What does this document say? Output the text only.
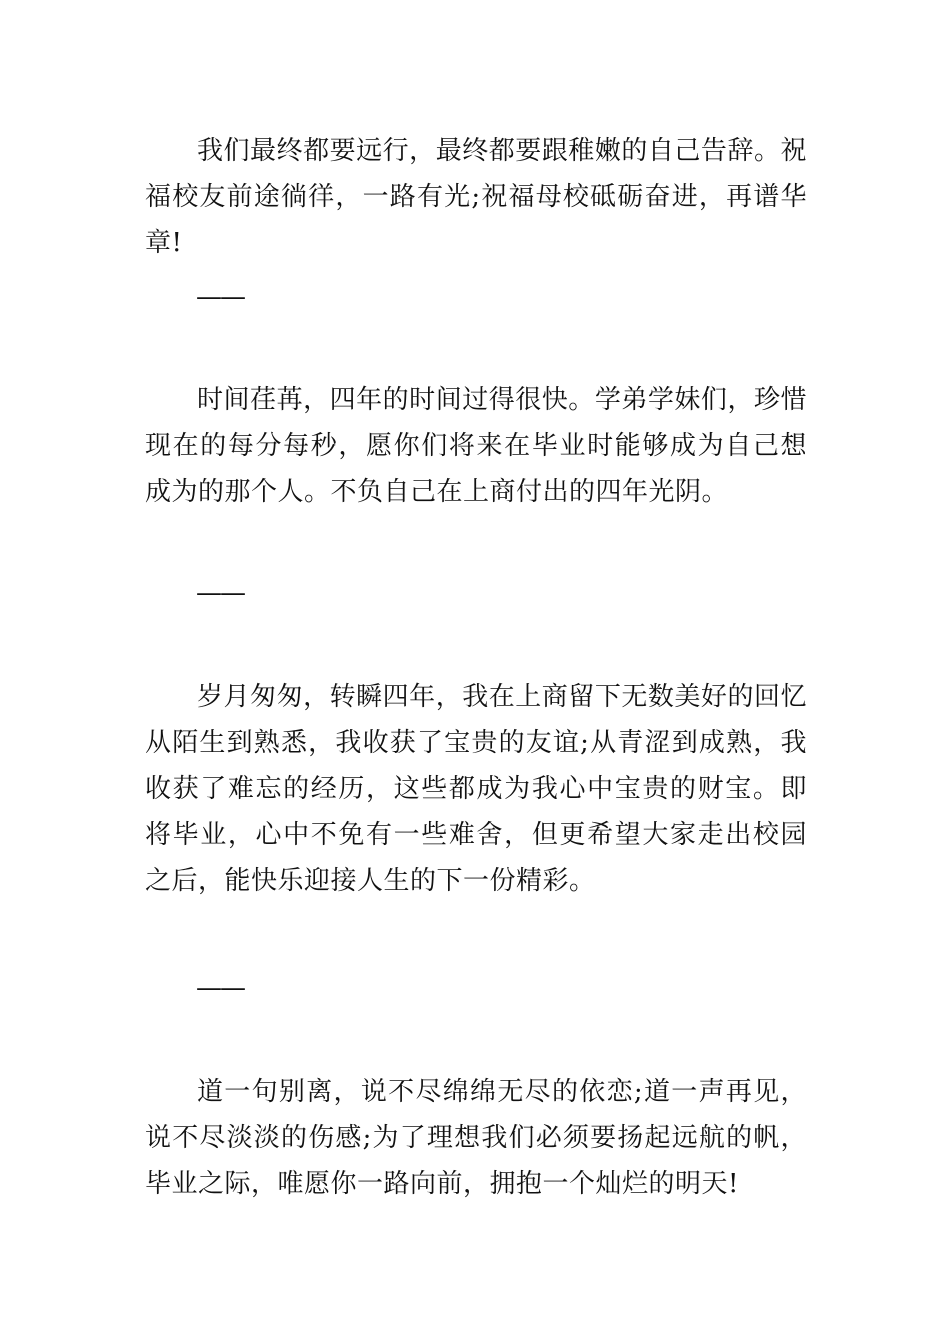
我们最终都要远行，最终都要跟稚嫩的自己告辞。祝福校友前途徜徉，一路有光;祝福母校砥砺奋进，再谱华章!

——

时间荏苒，四年的时间过得很快。学弟学妹们，珍惜现在的每分每秒，愿你们将来在毕业时能够成为自己想成为的那个人。不负自己在上商付出的四年光阴。

——

岁月匆匆，转瞬四年，我在上商留下无数美好的回忆从陌生到熟悉，我收获了宝贵的友谊;从青涩到成熟，我收获了难忘的经历，这些都成为我心中宝贵的财宝。即将毕业，心中不免有一些难舍，但更希望大家走出校园之后，能快乐迎接人生的下一份精彩。

——

道一句别离，说不尽绵绵无尽的依恋;道一声再见，说不尽淡淡的伤感;为了理想我们必须要扬起远航的帆，毕业之际，唯愿你一路向前，拥抱一个灿烂的明天!
